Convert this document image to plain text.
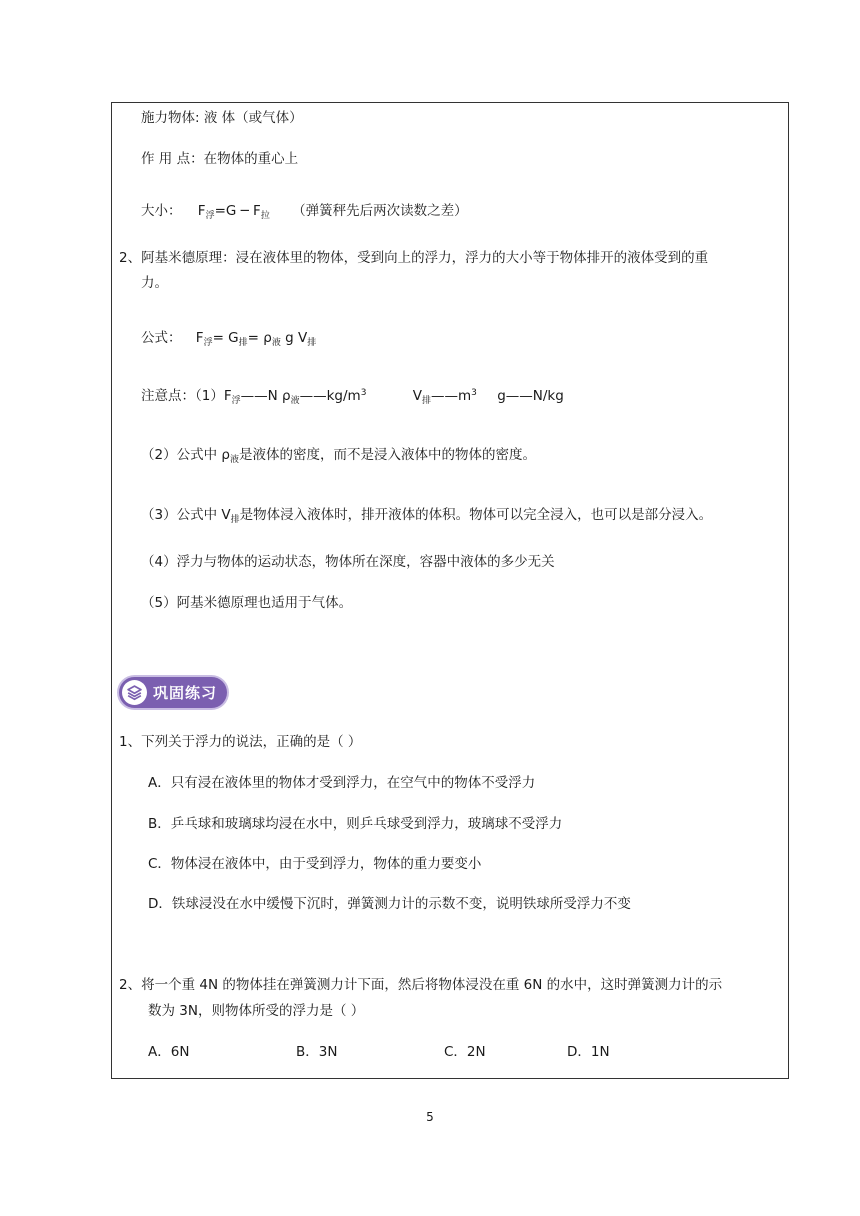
施力物体: 液 体（或气体）
作 用 点：在物体的重心上
大小： $F_浮=G$ ─ $F_拉$ （弹簧秤先后两次读数之差）
2、阿基米德原理：浸在液体里的物体，受到向上的浮力，浮力的大小等于物体排开的液体受到的重
力。
公式： $F_浮= G_排= \rho_液$ g $V_排$
注意点：$(1)F_浮——N$ $\rho_液——kg/m^3$	$V_排——m^3$ g——N/kg
（2）公式中 $\rho_液$是液体的密度，而不是浸入液体中的物体的密度。
（3）公式中 $V_排$是物体浸入液体时，排开液体的体积。物体可以完全浸入，也可以是部分浸入。
（4）浮力与物体的运动状态，物体所在深度，容器中液体的多少无关
（5）阿基米德原理也适用于气体。
巩固练习
1、下列关于浮力的说法，正确的是（ ）
A．只有浸在液体里的物体才受到浮力，在空气中的物体不受浮力
B．乒乓球和玻璃球均浸在水中，则乒乓球受到浮力，玻璃球不受浮力
C．物体浸在液体中，由于受到浮力，物体的重力要变小
D．铁球浸没在水中缓慢下沉时，弹簧测力计的示数不变，说明铁球所受浮力不变
2、将一个重 4N 的物体挂在弹簧测力计下面，然后将物体浸没在重 6N 的水中，这时弹簧测力计的示
数为 3N，则物体所受的浮力是（ ）
A．6N	B．3N	C．2N	D．1N
5
